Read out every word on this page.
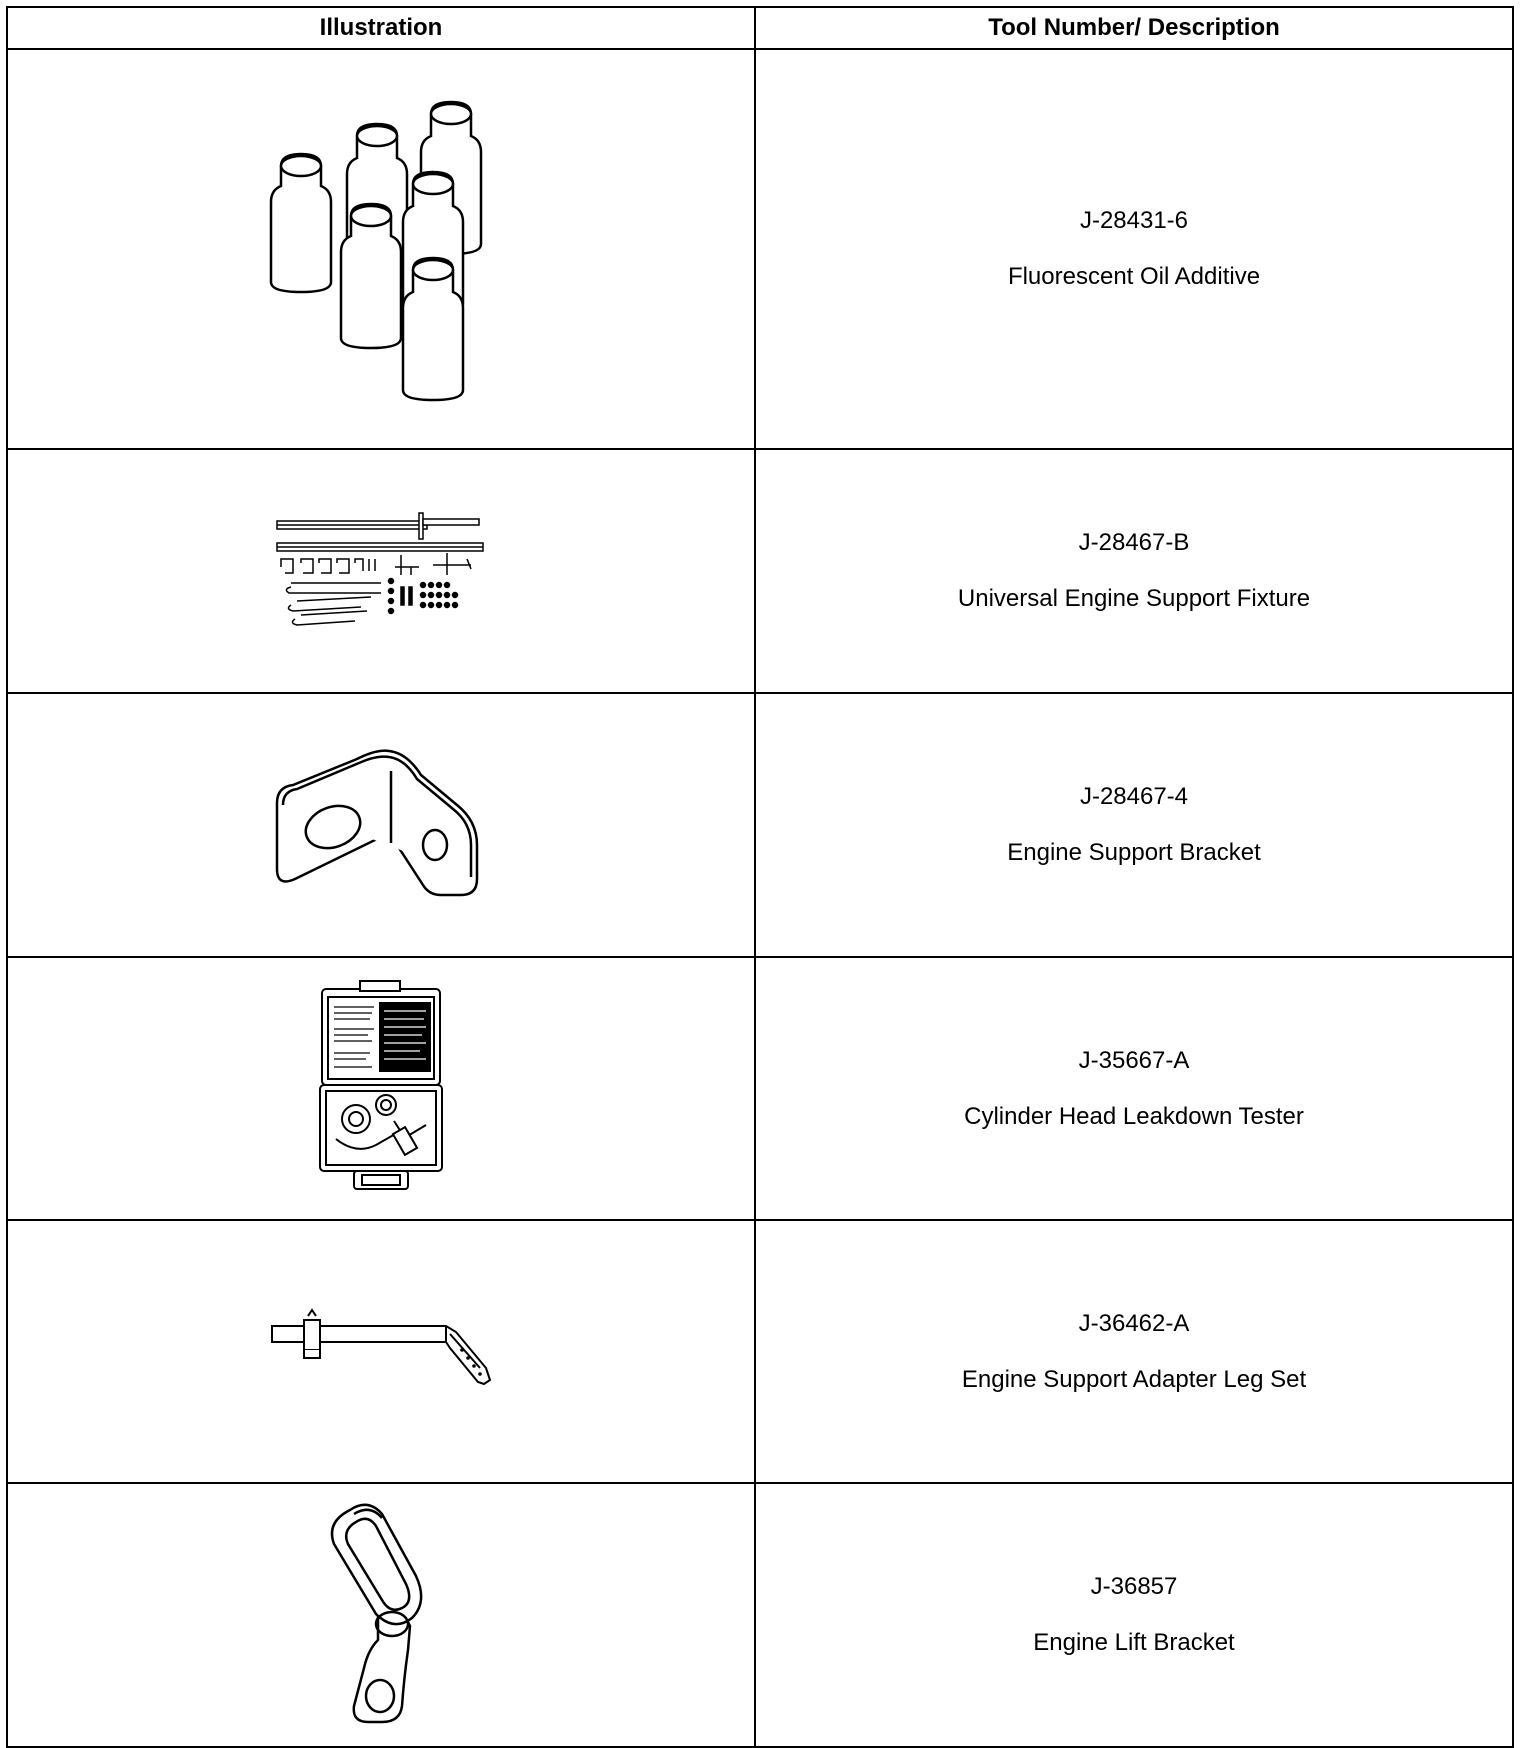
Illustration	Tool Number/ Description

J-28431-6
Fluorescent Oil Additive

J-28467-B
Universal Engine Support Fixture

J-28467-4
Engine Support Bracket

J-35667-A
Cylinder Head Leakdown Tester

J-36462-A
Engine Support Adapter Leg Set

J-36857
Engine Lift Bracket
